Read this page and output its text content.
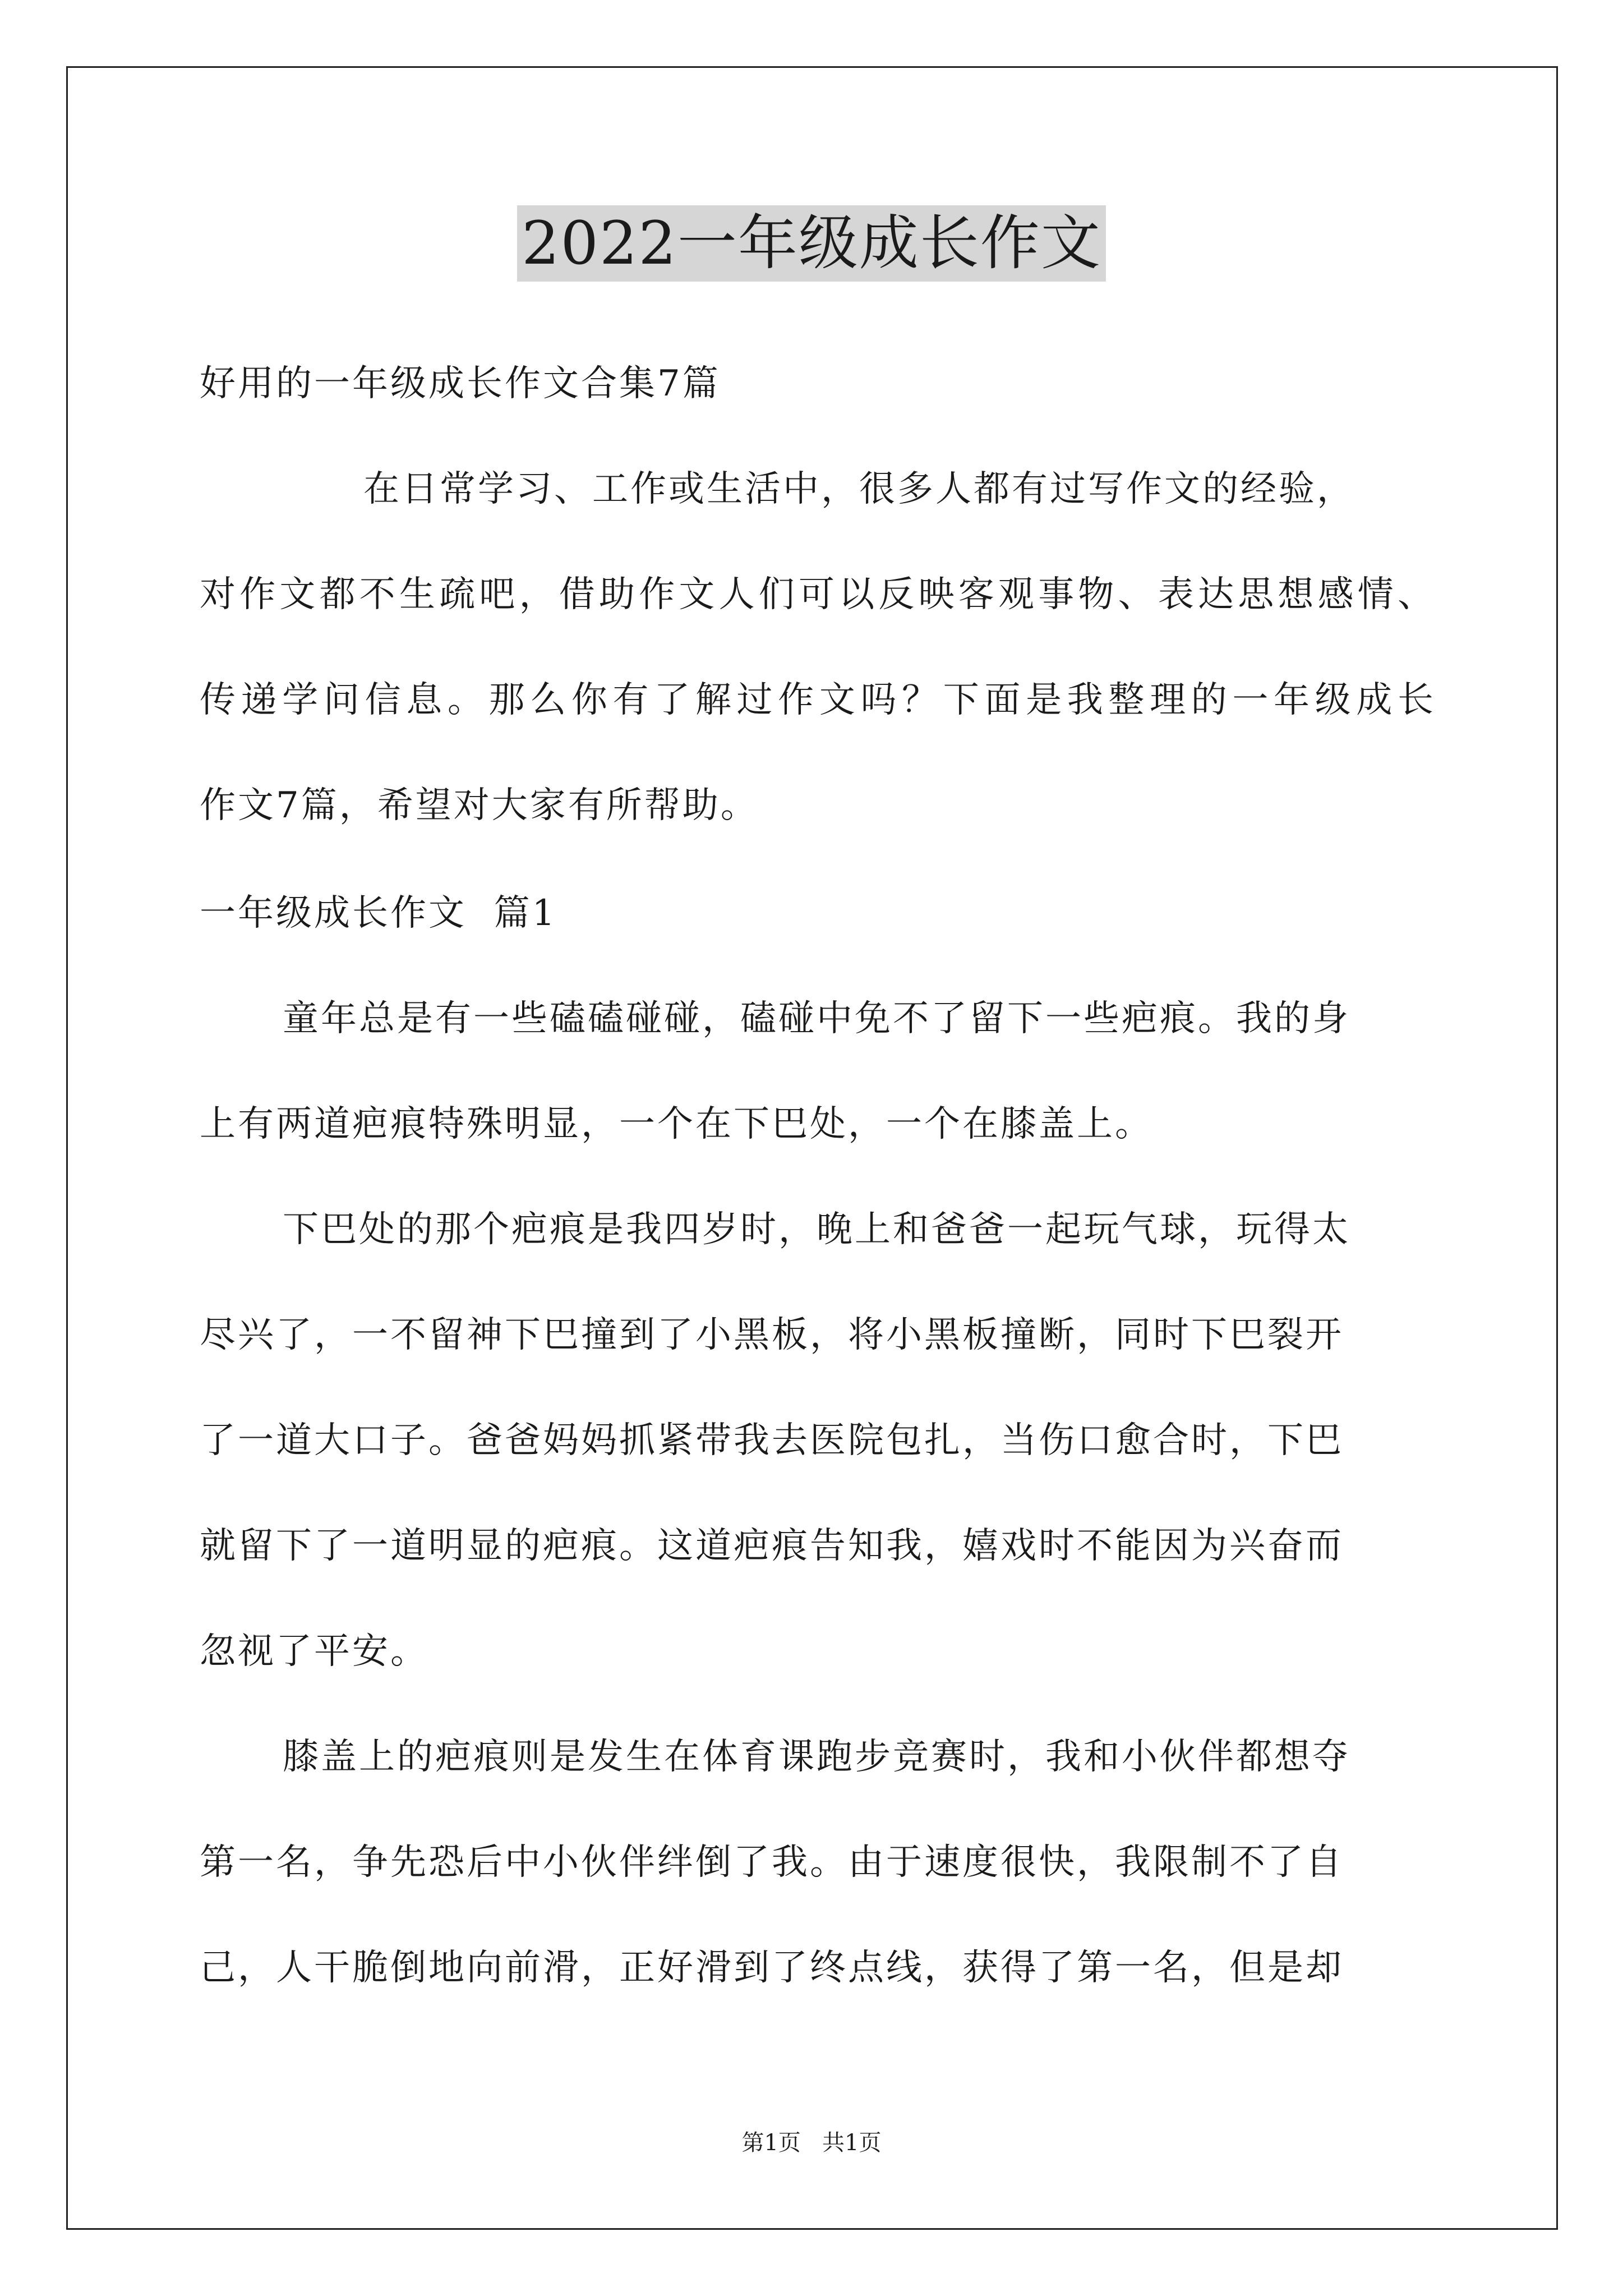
2022一年级成长作文
好用的一年级成长作文合集7篇
在日常学习、工作或生活中，很多人都有过写作文的经验，
对作文都不生疏吧，借助作文人们可以反映客观事物、表达思想感情、
传递学问信息。那么你有了解过作文吗？下面是我整理的一年级成长
作文7篇，希望对大家有所帮助。
一年级成长作文  篇1
童年总是有一些磕磕碰碰，磕碰中免不了留下一些疤痕。我的身
上有两道疤痕特殊明显，一个在下巴处，一个在膝盖上。
下巴处的那个疤痕是我四岁时，晚上和爸爸一起玩气球，玩得太
尽兴了，一不留神下巴撞到了小黑板，将小黑板撞断，同时下巴裂开
了一道大口子。爸爸妈妈抓紧带我去医院包扎，当伤口愈合时，下巴
就留下了一道明显的疤痕。这道疤痕告知我，嬉戏时不能因为兴奋而
忽视了平安。
膝盖上的疤痕则是发生在体育课跑步竞赛时，我和小伙伴都想夺
第一名，争先恐后中小伙伴绊倒了我。由于速度很快，我限制不了自
己，人干脆倒地向前滑，正好滑到了终点线，获得了第一名，但是却
第1页   共1页
